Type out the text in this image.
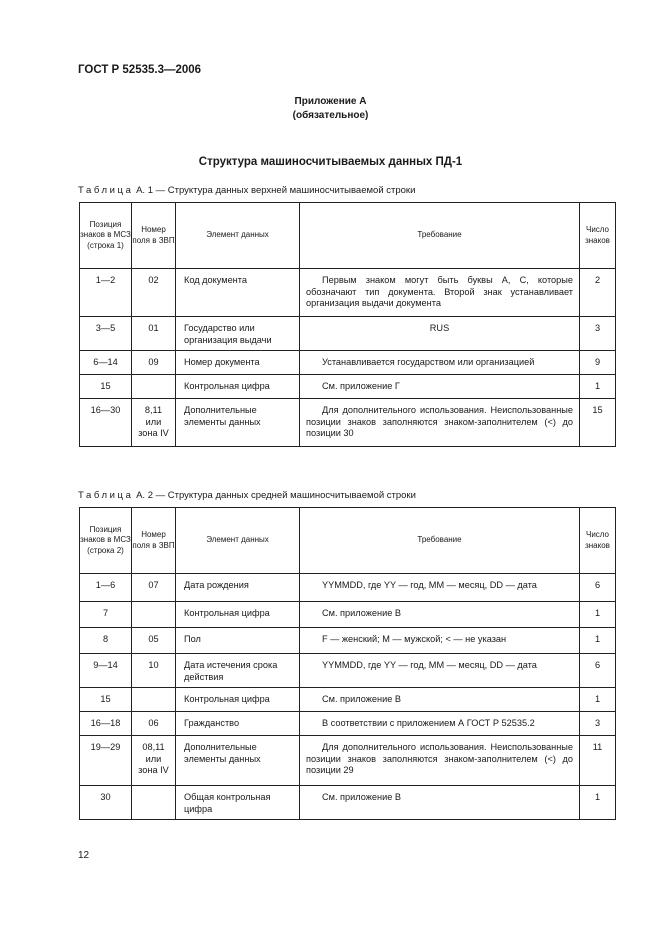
ГОСТ Р 52535.3—2006
Приложение А
(обязательное)
Структура машиносчитываемых данных ПД-1
Таблица А. 1 — Структура данных верхней машиносчитываемой строки
Позиция знаков в МСЗ (строка 1)	Номер поля в ЗВП	Элемент данных	Требование	Число знаков

1—2	02	Код документа	Первым знаком могут быть буквы А, С, которые обозначают тип документа. Второй знак устанавливает организация выдачи документа	2

3—5	01	Государство или организация выдачи	RUS	3

6—14	09	Номер документа	Устанавливается государством или организацией	9

15		Контрольная цифра	См. приложение Г	1

16—30	8,11 или зона IV	Дополнительные элементы данных	Для дополнительного использования. Неиспользованные позиции знаков заполняются знаком-заполнителем (<) до позиции 30	15
Таблица А. 2 — Структура данных средней машиносчитываемой строки
Позиция знаков в МСЗ (строка 2)	Номер поля в ЗВП	Элемент данных	Требование	Число знаков

1—6	07	Дата рождения	YYMMDD, где YY — год, MM — месяц, DD — дата	6

7		Контрольная цифра	См. приложение В	1

8	05	Пол	F — женский; M — мужской; < — не указан	1

9—14	10	Дата истечения срока действия	YYMMDD, где YY — год, MM — месяц, DD — дата	6

15		Контрольная цифра	См. приложение В	1

16—18	06	Гражданство	В соответствии с приложением А ГОСТ Р 52535.2	3

19—29	08,11 или зона IV	Дополнительные элементы данных	Для дополнительного использования. Неиспользованные позиции знаков заполняются знаком-заполнителем (<) до позиции 29	11

30		Общая контрольная цифра	См. приложение В	1
12
